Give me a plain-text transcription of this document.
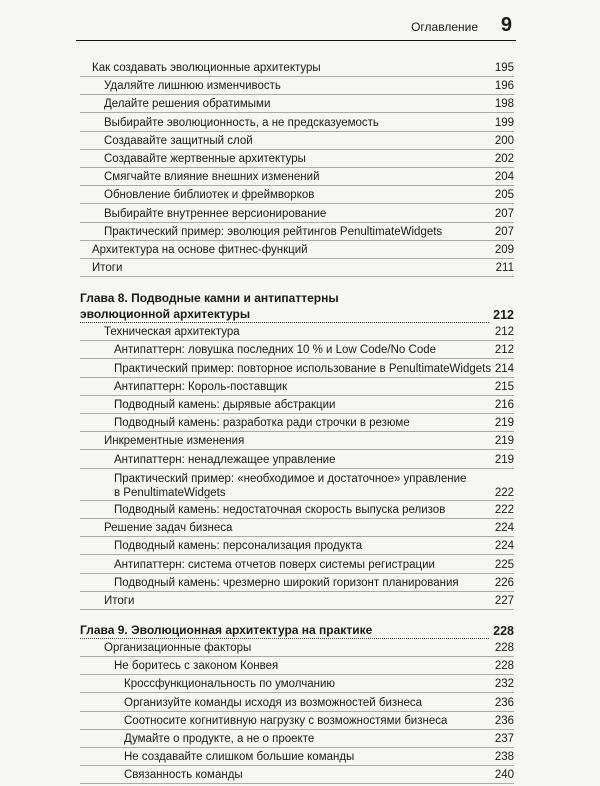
Оглавление 9
Как создавать эволюционные архитектуры	195
Удаляйте лишнюю изменчивость	196
Делайте решения обратимыми	198
Выбирайте эволюционность, а не предсказуемость	199
Создавайте защитный слой	200
Создавайте жертвенные архитектуры	202
Смягчайте влияние внешних изменений	204
Обновление библиотек и фреймворков	205
Выбирайте внутреннее версионирование	207
Практический пример: эволюция рейтингов PenultimateWidgets	207
Архитектура на основе фитнес-функций	209
Итоги	211
Глава 8. Подводные камни и антипаттерны
эволюционной архитектуры	212
Техническая архитектура	212
Антипаттерн: ловушка последних 10 % и Low Code/No Code	212
Практический пример: повторное использование в PenultimateWidgets 214
Антипаттерн: Король-поставщик	215
Подводный камень: дырявые абстракции	216
Подводный камень: разработка ради строчки в резюме	219
Инкрементные изменения	219
Антипаттерн: ненадлежащее управление	219
Практический пример: «необходимое и достаточное» управление
в PenultimateWidgets	222
Подводный камень: недостаточная скорость выпуска релизов	222
Решение задач бизнеса	224
Подводный камень: персонализация продукта	224
Антипаттерн: система отчетов поверх системы регистрации	225
Подводный камень: чрезмерно широкий горизонт планирования	226
Итоги	227
Глава 9. Эволюционная архитектура на практике	228
Организационные факторы	228
Не боритесь с законом Конвея	228
Кроссфункциональность по умолчанию	232
Организуйте команды исходя из возможностей бизнеса	236
Соотносите когнитивную нагрузку с возможностями бизнеса	236
Думайте о продукте, а не о проекте	237
Не создавайте слишком большие команды	238
Связанность команды	240
